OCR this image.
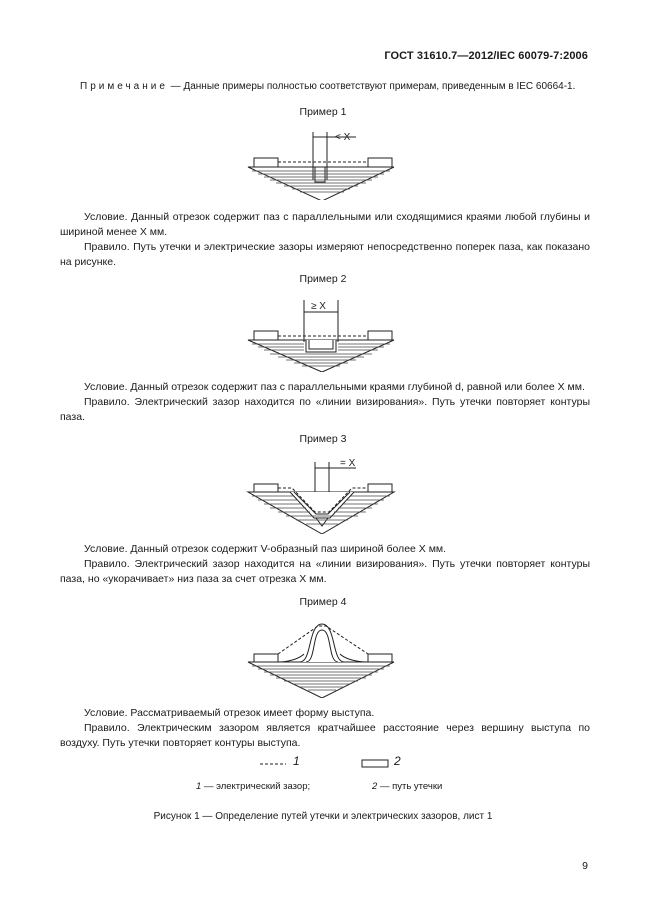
ГОСТ 31610.7—2012/IEC 60079-7:2006
Примечание — Данные примеры полностью соответствуют примерам, приведенным в IEC 60664-1.
Пример 1
< X

Условие. Данный отрезок содержит паз с параллельными или сходящимися краями любой глубины и шириной менее X мм.

Правило. Путь утечки и электрические зазоры измеряют непосредственно поперек паза, как показано на рисунке.

Пример 2
≥ X

Условие. Данный отрезок содержит паз с параллельными краями глубиной d, равной или более X мм.

Правило. Электрический зазор находится по «линии визирования». Путь утечки повторяет контуры паза.

Пример 3
= X

Условие. Данный отрезок содержит V-образный паз шириной более X мм.

Правило. Электрический зазор находится на «линии визирования». Путь утечки повторяет контуры паза, но «укорачивает» низ паза за счет отрезка X мм.

Пример 4

Условие. Рассматриваемый отрезок имеет форму выступа.

Правило. Электрическим зазором является кратчайшее расстояние через вершину выступа по воздуху. Путь утечки повторяет контуры выступа.

1	2
1 — электрический зазор;	2 — путь утечки
Рисунок 1 — Определение путей утечки и электрических зазоров, лист 1
9
